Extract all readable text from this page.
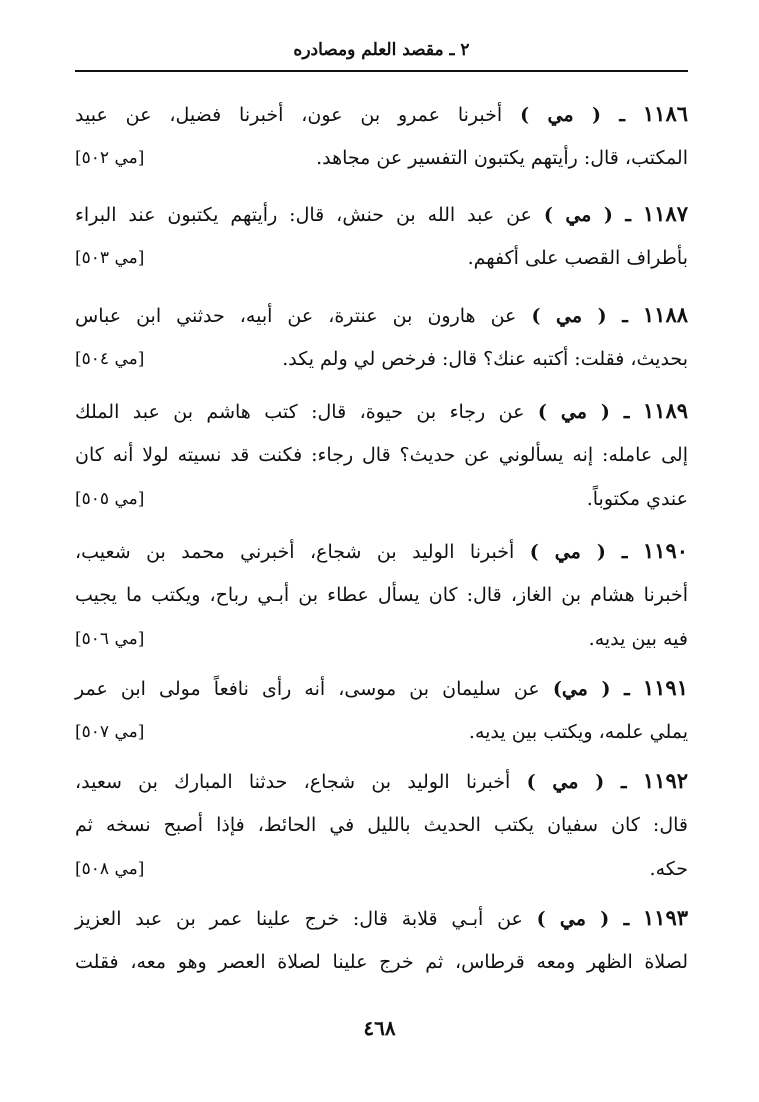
٢ ـ مقصد العلم ومصادره
١١٨٦ ـ ( مي ) أخبرنا عمرو بن عون، أخبرنا فضيل، عن عبيد
المكتب، قال: رأيتهم يكتبون التفسير عن مجاهد.
[مي ٥٠٢]
١١٨٧ ـ ( مي ) عن عبد الله بن حنش، قال: رأيتهم يكتبون عند البراء
بأطراف القصب على أكفهم.
[مي ٥٠٣]
١١٨٨ ـ ( مي ) عن هارون بن عنترة، عن أبيه، حدثني ابن عباس
بحديث، فقلت: أكتبه عنك؟ قال: فرخص لي ولم يكد.
[مي ٥٠٤]
١١٨٩ ـ ( مي ) عن رجاء بن حيوة، قال: كتب هاشم بن عبد الملك
إلى عامله: إنه يسألوني عن حديث؟ قال رجاء: فكنت قد نسيته لولا أنه كان
عندي مكتوباً.
[مي ٥٠٥]
١١٩٠ ـ ( مي ) أخبرنا الوليد بن شجاع، أخبرني محمد بن شعيب،
أخبرنا هشام بن الغاز، قال: كان يسأل عطاء بن أبـي رباح، ويكتب ما يجيب
فيه بين يديه.
[مي ٥٠٦]
١١٩١ ـ ( مي) عن سليمان بن موسى، أنه رأى نافعاً مولى ابن عمر
يملي علمه، ويكتب بين يديه.
[مي ٥٠٧]
١١٩٢ ـ ( مي ) أخبرنا الوليد بن شجاع، حدثنا المبارك بن سعيد،
قال: كان سفيان يكتب الحديث بالليل في الحائط، فإذا أصبح نسخه ثم
حكه.
[مي ٥٠٨]
١١٩٣ ـ ( مي ) عن أبـي قلابة قال: خرج علينا عمر بن عبد العزيز
لصلاة الظهر ومعه قرطاس، ثم خرج علينا لصلاة العصر وهو معه، فقلت
٤٦٨
